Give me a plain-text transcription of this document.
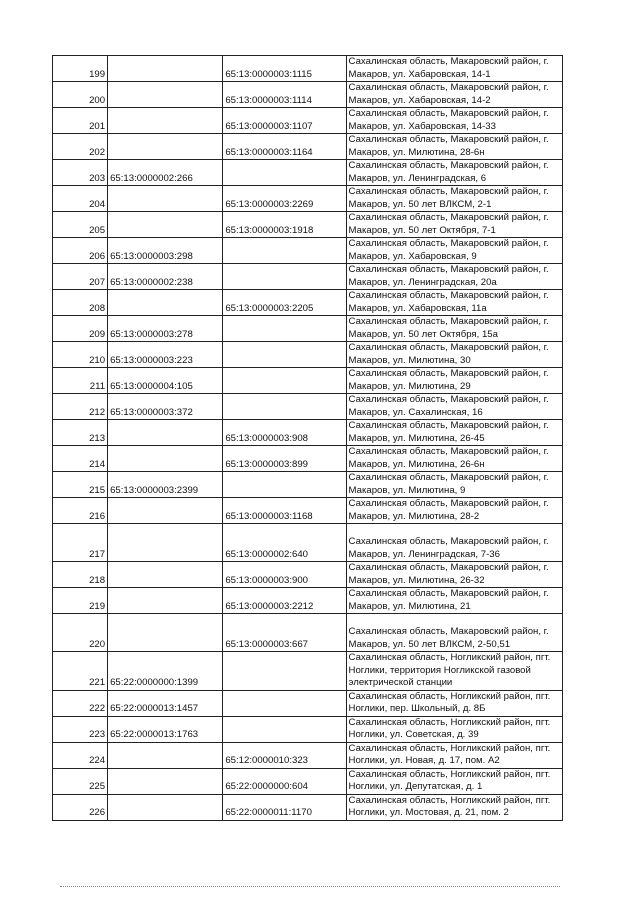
199		65:13:0000003:1115	Сахалинская область, Макаровский район, г. Макаров, ул. Хабаровская, 14-1
200		65:13:0000003:1114	Сахалинская область, Макаровский район, г. Макаров, ул. Хабаровская, 14-2
201		65:13:0000003:1107	Сахалинская область, Макаровский район, г. Макаров, ул. Хабаровская, 14-33
202		65:13:0000003:1164	Сахалинская область, Макаровский район, г. Макаров, ул. Милютина, 28-6н
203	65:13:0000002:266		Сахалинская область, Макаровский район, г. Макаров, ул. Ленинградская, 6
204		65:13:0000003:2269	Сахалинская область, Макаровский район, г. Макаров, ул. 50 лет ВЛКСМ, 2-1
205		65:13:0000003:1918	Сахалинская область, Макаровский район, г. Макаров, ул. 50 лет Октября, 7-1
206	65:13:0000003:298		Сахалинская область, Макаровский район, г. Макаров, ул. Хабаровская, 9
207	65:13:0000002:238		Сахалинская область, Макаровский район, г. Макаров, ул. Ленинградская, 20а
208		65:13:0000003:2205	Сахалинская область, Макаровский район, г. Макаров, ул. Хабаровская, 11а
209	65:13:0000003:278		Сахалинская область, Макаровский район, г. Макаров, ул. 50 лет Октября, 15а
210	65:13:0000003:223		Сахалинская область, Макаровский район, г. Макаров, ул. Милютина, 30
211	65:13:0000004:105		Сахалинская область, Макаровский район, г. Макаров, ул. Милютина, 29
212	65:13:0000003:372		Сахалинская область, Макаровский район, г. Макаров, ул. Сахалинская, 16
213		65:13:0000003:908	Сахалинская область, Макаровский район, г. Макаров, ул. Милютина, 26-45
214		65:13:0000003:899	Сахалинская область, Макаровский район, г. Макаров, ул. Милютина, 26-6н
215	65:13:0000003:2399		Сахалинская область, Макаровский район, г. Макаров, ул. Милютина, 9
216		65:13:0000003:1168	Сахалинская область, Макаровский район, г. Макаров, ул. Милютина, 28-2
217		65:13:0000002:640	Сахалинская область, Макаровский район, г. Макаров, ул. Ленинградская, 7-36
218		65:13:0000003:900	Сахалинская область, Макаровский район, г. Макаров, ул. Милютина, 26-32
219		65:13:0000003:2212	Сахалинская область, Макаровский район, г. Макаров, ул. Милютина, 21
220		65:13:0000003:667	Сахалинская область, Макаровский район, г. Макаров, ул. 50 лет ВЛКСМ, 2-50,51
221	65:22:0000000:1399		Сахалинская область, Ногликский район, пгт. Ноглики, территория Ногликской газовой электрической станции
222	65:22:0000013:1457		Сахалинская область, Ногликский район, пгт. Ноглики, пер. Школьный, д. 8Б
223	65:22:0000013:1763		Сахалинская область, Ногликский район, пгт. Ноглики, ул. Советская, д. 39
224		65:12:0000010:323	Сахалинская область, Ногликский район, пгт. Ноглики, ул. Новая, д. 17, пом. А2
225		65:22:0000000:604	Сахалинская область, Ногликский район, пгт. Ноглики, ул. Депутатская, д. 1
226		65:22:0000011:1170	Сахалинская область, Ногликский район, пгт. Ноглики, ул. Мостовая, д. 21, пом. 2
